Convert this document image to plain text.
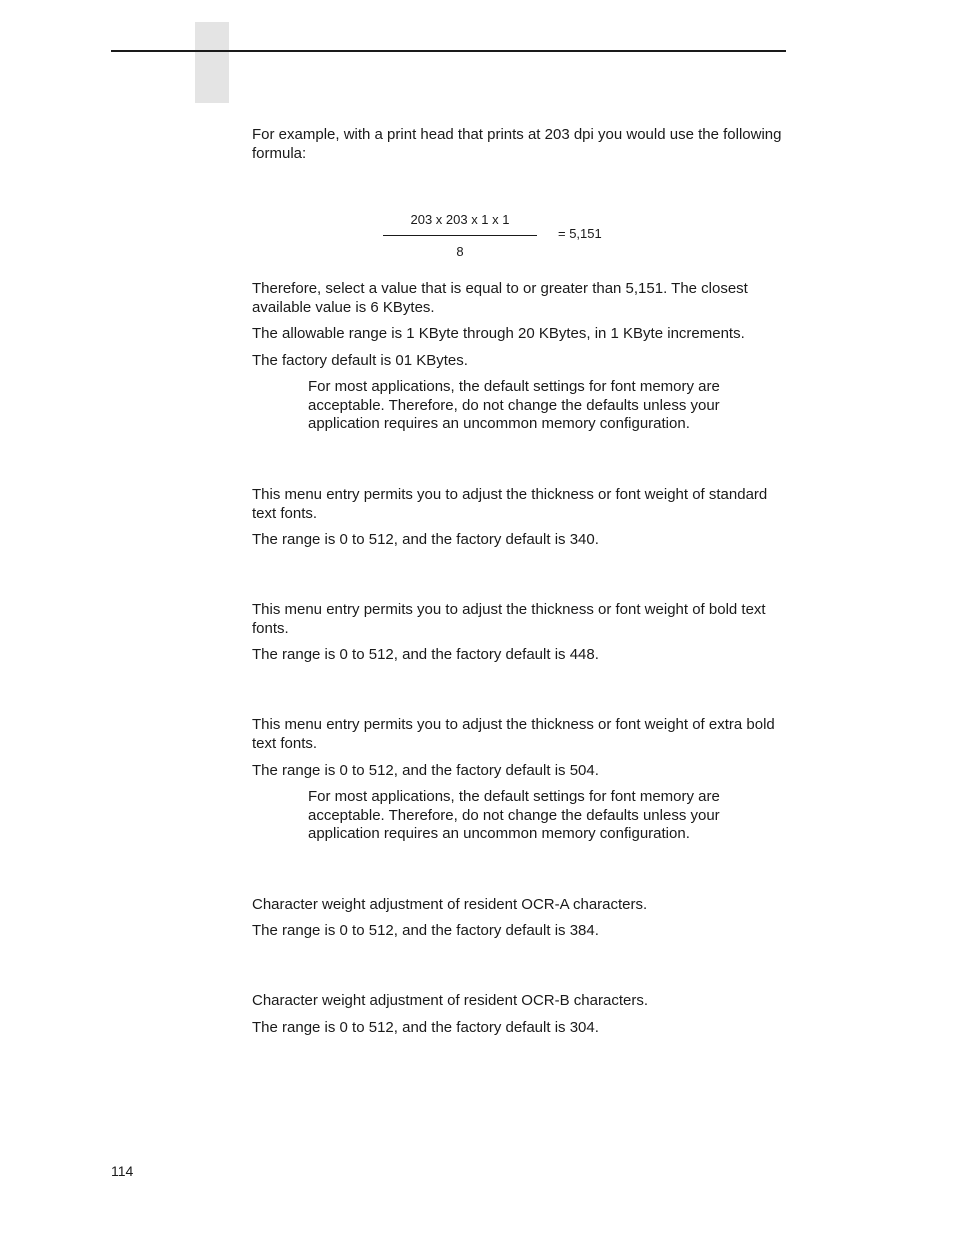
For example, with a print head that prints at 203 dpi you would use the following formula:

203 x 203 x 1 x 1
8
= 5,151

Therefore, select a value that is equal to or greater than 5,151. The closest available value is 6 KBytes.

The allowable range is 1 KByte through 20 KBytes, in 1 KByte increments.

The factory default is 01 KBytes.

For most applications, the default settings for font memory are acceptable. Therefore, do not change the defaults unless your application requires an uncommon memory configuration.

This menu entry permits you to adjust the thickness or font weight of standard text fonts.

The range is 0 to 512, and the factory default is 340.

This menu entry permits you to adjust the thickness or font weight of bold text fonts.

The range is 0 to 512, and the factory default is 448.

This menu entry permits you to adjust the thickness or font weight of extra bold text fonts.

The range is 0 to 512, and the factory default is 504.

For most applications, the default settings for font memory are acceptable. Therefore, do not change the defaults unless your application requires an uncommon memory configuration.

Character weight adjustment of resident OCR-A characters.

The range is 0 to 512, and the factory default is 384.

Character weight adjustment of resident OCR-B characters.

The range is 0 to 512, and the factory default is 304.

114
